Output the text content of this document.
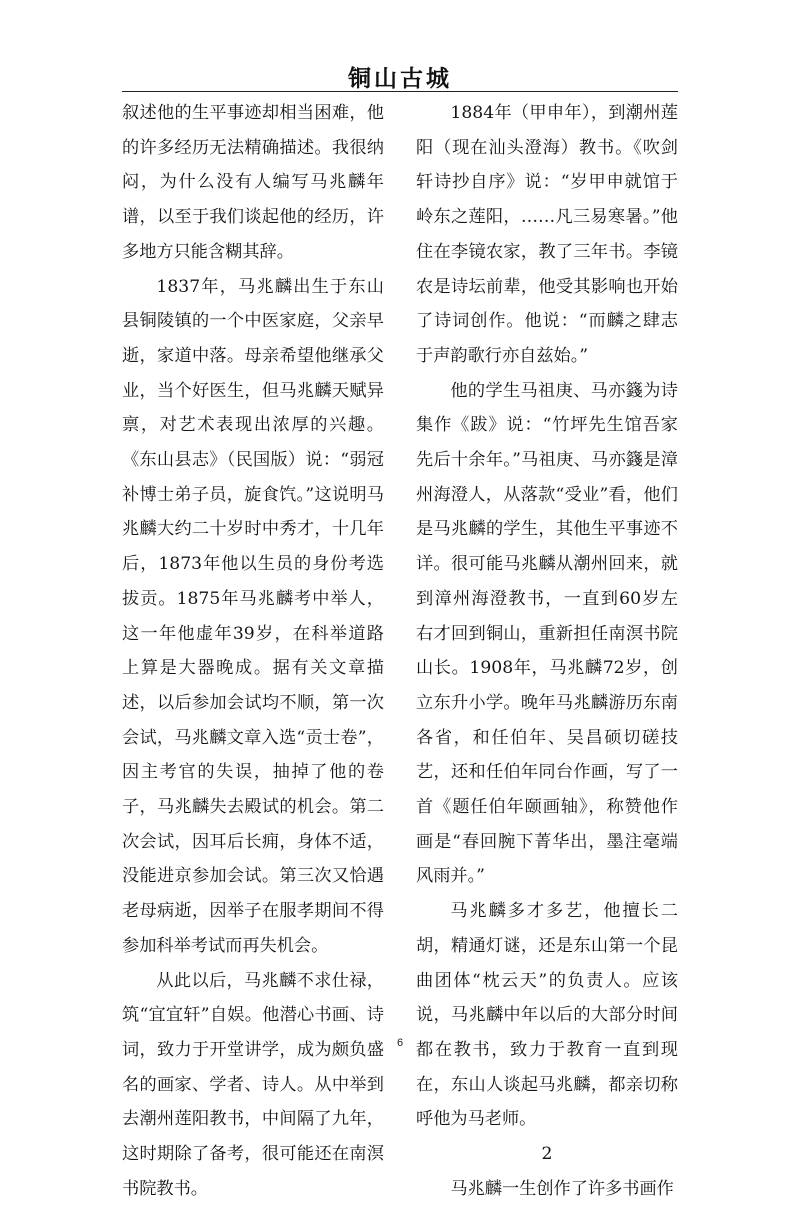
铜山古城

叙述他的生平事迹却相当困难，他的许多经历无法精确描述。我很纳闷，为什么没有人编写马兆麟年谱，以至于我们谈起他的经历，许多地方只能含糊其辞。

1837年，马兆麟出生于东山县铜陵镇的一个中医家庭，父亲早逝，家道中落。母亲希望他继承父业，当个好医生，但马兆麟天赋异禀，对艺术表现出浓厚的兴趣。《东山县志》（民国版）说：“弱冠补博士弟子员，旋食饩。”这说明马兆麟大约二十岁时中秀才，十几年后，1873年他以生员的身份考选拔贡。1875年马兆麟考中举人，这一年他虚年39岁，在科举道路上算是大器晚成。据有关文章描述，以后参加会试均不顺，第一次会试，马兆麟文章入选“贡士卷”，因主考官的失误，抽掉了他的卷子，马兆麟失去殿试的机会。第二次会试，因耳后长痈，身体不适，没能进京参加会试。第三次又恰遇老母病逝，因举子在服孝期间不得参加科举考试而再失机会。

从此以后，马兆麟不求仕禄，筑“宜宜轩”自娱。他潜心书画、诗词，致力于开堂讲学，成为颇负盛名的画家、学者、诗人。从中举到去潮州莲阳教书，中间隔了九年，这时期除了备考，很可能还在南溟书院教书。

1884年（甲申年），到潮州莲阳（现在汕头澄海）教书。《吹剑轩诗抄自序》说：“岁甲申就馆于岭东之莲阳，……凡三易寒暑。”他住在李镜农家，教了三年书。李镜农是诗坛前辈，他受其影响也开始了诗词创作。他说：“而麟之肆志于声韵歌行亦自兹始。”

他的学生马祖庚、马亦籛为诗集作《跋》说：“竹坪先生馆吾家先后十余年。”马祖庚、马亦籛是漳州海澄人，从落款“受业”看，他们是马兆麟的学生，其他生平事迹不详。很可能马兆麟从潮州回来，就到漳州海澄教书，一直到60岁左右才回到铜山，重新担任南溟书院山长。1908年，马兆麟72岁，创立东升小学。晚年马兆麟游历东南各省，和任伯年、吴昌硕切磋技艺，还和任伯年同台作画，写了一首《题任伯年颐画轴》，称赞他作画是“春回腕下菁华出，墨注毫端风雨并。”

马兆麟多才多艺，他擅长二胡，精通灯谜，还是东山第一个昆曲团体“枕云天”的负责人。应该说，马兆麟中年以后的大部分时间都在教书，致力于教育一直到现在，东山人谈起马兆麟，都亲切称呼他为马老师。

2

马兆麟一生创作了许多书画作

6
